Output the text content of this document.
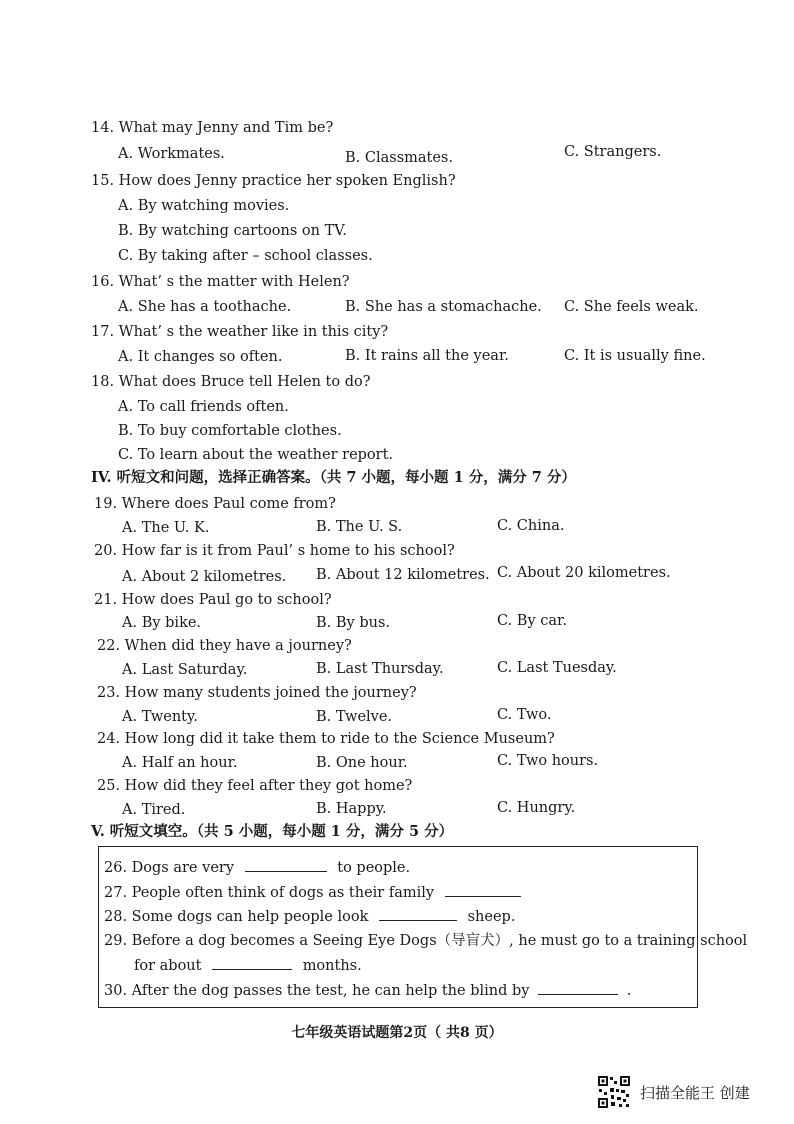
14. What may Jenny and Tim be?
A. Workmates.	B. Classmates.	C. Strangers.
15. How does Jenny practice her spoken English?
A. By watching movies.
B. By watching cartoons on TV.
C. By taking after – school classes.
16. What’ s the matter with Helen?
A. She has a toothache.	B. She has a stomachache. C. She feels weak.
17. What’ s the weather like in this city?
A. It changes so often.	B. It rains all the year.	C. It is usually fine.
18. What does Bruce tell Helen to do?
A. To call friends often.
B. To buy comfortable clothes.
C. To learn about the weather report.
IV. 听短文和问题，选择正确答案。（共 7 小题，每小题 1 分，满分 7 分）
19. Where does Paul come from?
A. The U. K.	B. The U. S.	C. China.
20. How far is it from Paul’ s home to his school?
A. About 2 kilometres. B. About 12 kilometres. C. About 20 kilometres.
21. How does Paul go to school?
A. By bike.	B. By bus.	C. By car.
22. When did they have a journey?
A. Last Saturday.	B. Last Thursday.	C. Last Tuesday.
23. How many students joined the journey?
A. Twenty.	B. Twelve.	C. Two.
24. How long did it take them to ride to the Science Museum?
A. Half an hour.	B. One hour.	C. Two hours.
25. How did they feel after they got home?
A. Tired.	B. Happy.	C. Hungry.
V. 听短文填空。（共 5 小题，每小题 1 分，满分 5 分）
26. Dogs are very	to people.
27. People often think of dogs as their family
28. Some dogs can help people look	sheep.
29. Before a dog becomes a Seeing Eye Dogs（导盲犬）, he must go to a training school
for about	months.
30. After the dog passes the test, he can help the blind by	.
七年级英语试题第2页（ 共8 页）
扫描全能王 创建
